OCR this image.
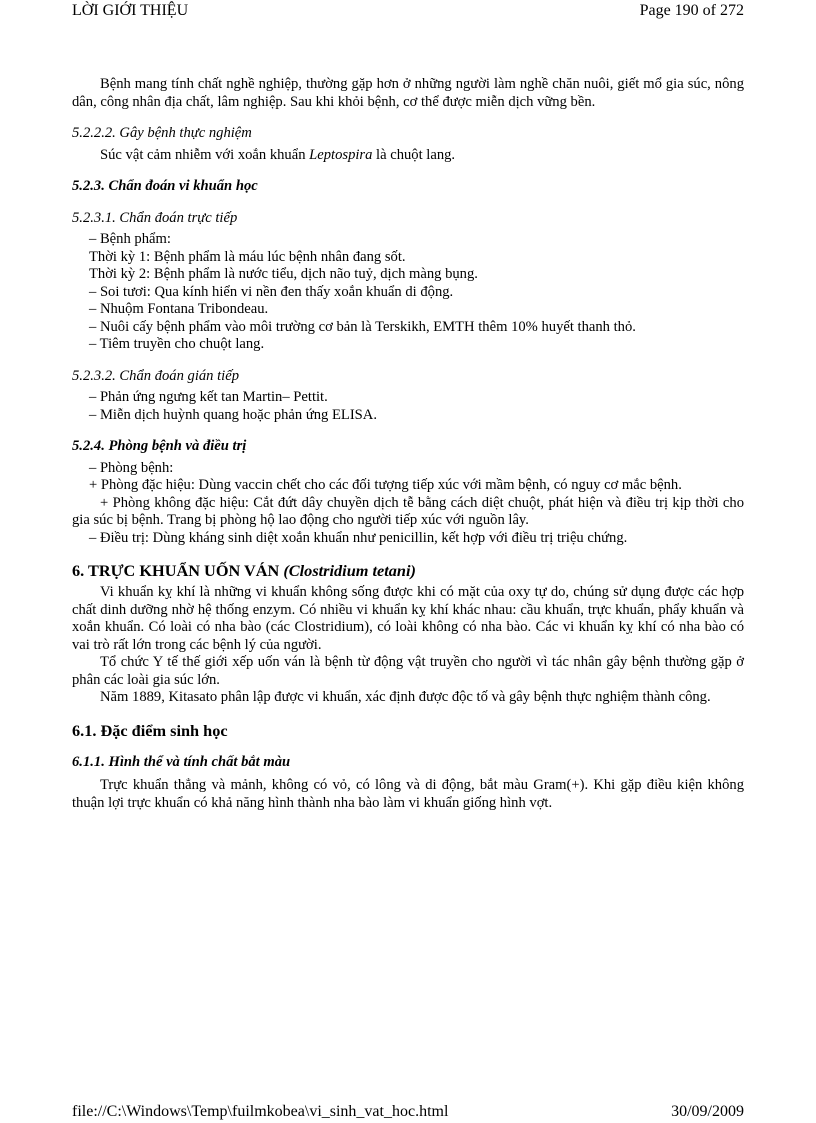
LỜI GIỚI THIỆU	Page 190 of 272

Bệnh mang tính chất nghề nghiệp, thường gặp hơn ở những người làm nghề chăn nuôi, giết mổ gia súc, nông dân, công nhân địa chất, lâm nghiệp. Sau khi khỏi bệnh, cơ thể được miễn dịch vững bền.

5.2.2.2. Gây bệnh thực nghiệm

Súc vật cảm nhiễm với xoắn khuẩn Leptospira là chuột lang.

5.2.3. Chẩn đoán vi khuẩn học
5.2.3.1. Chẩn đoán trực tiếp

– Bệnh phẩm:

Thời kỳ 1: Bệnh phẩm là máu lúc bệnh nhân đang sốt.

Thời kỳ 2: Bệnh phẩm là nước tiểu, dịch não tuỷ, dịch màng bụng.

– Soi tươi: Qua kính hiển vi nền đen thấy xoắn khuẩn di động.

– Nhuộm Fontana Tribondeau.

– Nuôi cấy bệnh phẩm vào môi trường cơ bản là Terskikh, EMTH thêm 10% huyết thanh thỏ.

– Tiêm truyền cho chuột lang.

5.2.3.2. Chẩn đoán gián tiếp

– Phản ứng ngưng kết tan Martin– Pettit.

– Miễn dịch huỳnh quang hoặc phản ứng ELISA.

5.2.4. Phòng bệnh và điều trị

– Phòng bệnh:

+ Phòng đặc hiệu: Dùng vaccin chết cho các đối tượng tiếp xúc với mầm bệnh, có nguy cơ mắc bệnh.

+ Phòng không đặc hiệu: Cắt đứt dây chuyền dịch tễ bằng cách diệt chuột, phát hiện và điều trị kịp thời cho gia súc bị bệnh. Trang bị phòng hộ lao động cho người tiếp xúc với nguồn lây.

– Điều trị: Dùng kháng sinh diệt xoắn khuẩn như penicillin, kết hợp với điều trị triệu chứng.

6. TRỰC KHUẨN UỐN VÁN (Clostridium tetani)

Vi khuẩn kỵ khí là những vi khuẩn không sống được khi có mặt của oxy tự do, chúng sử dụng được các hợp chất dinh dưỡng nhờ hệ thống enzym. Có nhiều vi khuẩn kỵ khí khác nhau: cầu khuẩn, trực khuẩn, phẩy khuẩn và xoắn khuẩn. Có loài có nha bào (các Clostridium), có loài không có nha bào. Các vi khuẩn kỵ khí có nha bào có vai trò rất lớn trong các bệnh lý của người.

Tổ chức Y tế thế giới xếp uốn ván là bệnh từ động vật truyền cho người vì tác nhân gây bệnh thường gặp ở phân các loài gia súc lớn.

Năm 1889, Kitasato phân lập được vi khuẩn, xác định được độc tố và gây bệnh thực nghiệm thành công.

6.1. Đặc điểm sinh học
6.1.1. Hình thể và tính chất bắt màu

Trực khuẩn thẳng và mảnh, không có vỏ, có lông và di động, bắt màu Gram(+). Khi gặp điều kiện không thuận lợi trực khuẩn có khả năng hình thành nha bào làm vi khuẩn giống hình vợt.

file://C:\Windows\Temp\fuilmkobea\vi_sinh_vat_hoc.html	30/09/2009
